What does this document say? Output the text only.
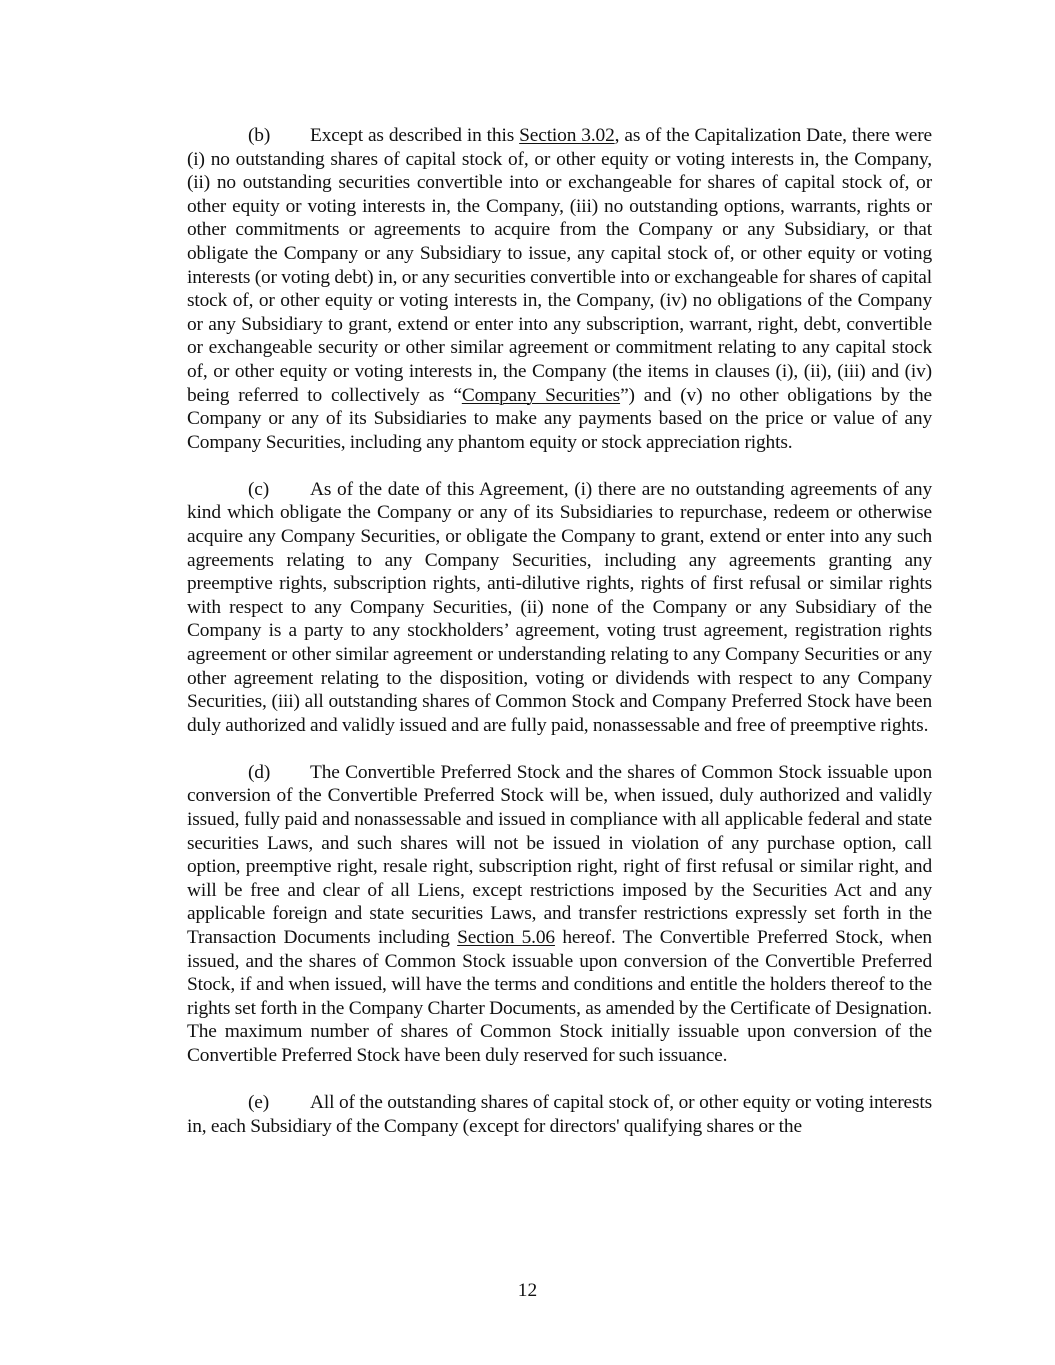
(b) Except as described in this Section 3.02, as of the Capitalization Date, there were (i) no outstanding shares of capital stock of, or other equity or voting interests in, the Company, (ii) no outstanding securities convertible into or exchangeable for shares of capital stock of, or other equity or voting interests in, the Company, (iii) no outstanding options, warrants, rights or other commitments or agreements to acquire from the Company or any Subsidiary, or that obligate the Company or any Subsidiary to issue, any capital stock of, or other equity or voting interests (or voting debt) in, or any securities convertible into or exchangeable for shares of capital stock of, or other equity or voting interests in, the Company, (iv) no obligations of the Company or any Subsidiary to grant, extend or enter into any subscription, warrant, right, debt, convertible or exchangeable security or other similar agreement or commitment relating to any capital stock of, or other equity or voting interests in, the Company (the items in clauses (i), (ii), (iii) and (iv) being referred to collectively as “Company Securities”) and (v) no other obligations by the Company or any of its Subsidiaries to make any payments based on the price or value of any Company Securities, including any phantom equity or stock appreciation rights.

(c) As of the date of this Agreement, (i) there are no outstanding agreements of any kind which obligate the Company or any of its Subsidiaries to repurchase, redeem or otherwise acquire any Company Securities, or obligate the Company to grant, extend or enter into any such agreements relating to any Company Securities, including any agreements granting any preemptive rights, subscription rights, anti-dilutive rights, rights of first refusal or similar rights with respect to any Company Securities, (ii) none of the Company or any Subsidiary of the Company is a party to any stockholders’ agreement, voting trust agreement, registration rights agreement or other similar agreement or understanding relating to any Company Securities or any other agreement relating to the disposition, voting or dividends with respect to any Company Securities, (iii) all outstanding shares of Common Stock and Company Preferred Stock have been duly authorized and validly issued and are fully paid, nonassessable and free of preemptive rights.

(d) The Convertible Preferred Stock and the shares of Common Stock issuable upon conversion of the Convertible Preferred Stock will be, when issued, duly authorized and validly issued, fully paid and nonassessable and issued in compliance with all applicable federal and state securities Laws, and such shares will not be issued in violation of any purchase option, call option, preemptive right, resale right, subscription right, right of first refusal or similar right, and will be free and clear of all Liens, except restrictions imposed by the Securities Act and any applicable foreign and state securities Laws, and transfer restrictions expressly set forth in the Transaction Documents including Section 5.06 hereof. The Convertible Preferred Stock, when issued, and the shares of Common Stock issuable upon conversion of the Convertible Preferred Stock, if and when issued, will have the terms and conditions and entitle the holders thereof to the rights set forth in the Company Charter Documents, as amended by the Certificate of Designation. The maximum number of shares of Common Stock initially issuable upon conversion of the Convertible Preferred Stock have been duly reserved for such issuance.

(e) All of the outstanding shares of capital stock of, or other equity or voting interests in, each Subsidiary of the Company (except for directors' qualifying shares or the

12
